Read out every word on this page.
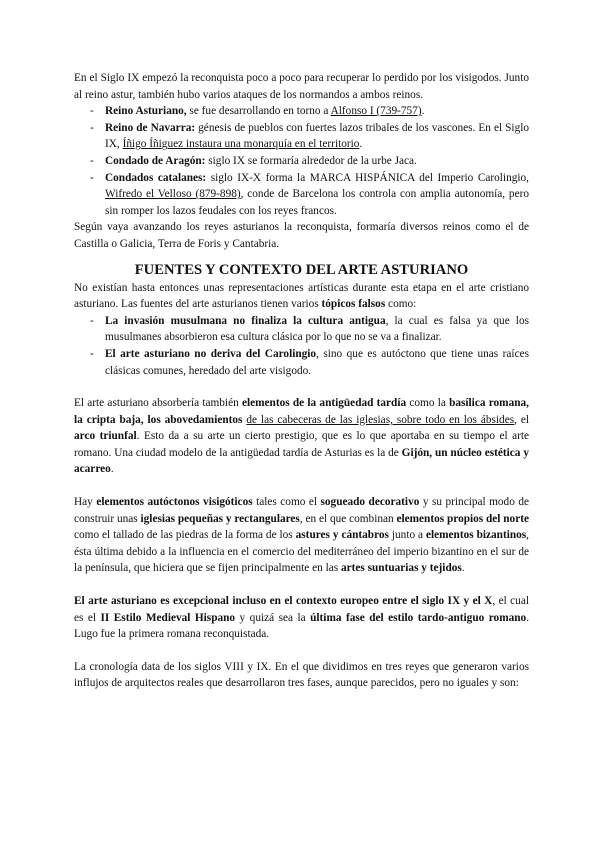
En el Siglo IX empezó la reconquista poco a poco para recuperar lo perdido por los visigodos. Junto al reino astur, también hubo varios ataques de los normandos a ambos reinos.

- Reino Asturiano, se fue desarrollando en torno a Alfonso I (739-757).
- Reino de Navarra: génesis de pueblos con fuertes lazos tribales de los vascones. En el Siglo IX, Íñigo Íñiguez instaura una monarquía en el territorio.
- Condado de Aragón: siglo IX se formaría alrededor de la urbe Jaca.
- Condados catalanes: siglo IX-X forma la MARCA HISPÁNICA del Imperio Carolingio, Wifredo el Velloso (879-898), conde de Barcelona los controla con amplia autonomía, pero sin romper los lazos feudales con los reyes francos.

Según vaya avanzando los reyes asturianos la reconquista, formaría diversos reinos como el de Castilla o Galicia, Terra de Foris y Cantabria.

FUENTES Y CONTEXTO DEL ARTE ASTURIANO

No existían hasta entonces unas representaciones artísticas durante esta etapa en el arte cristiano asturiano. Las fuentes del arte asturianos tienen varios tópicos falsos como:

- La invasión musulmana no finaliza la cultura antigua, la cual es falsa ya que los musulmanes absorbieron esa cultura clásica por lo que no se va a finalizar.
- El arte asturiano no deriva del Carolingio, sino que es autóctono que tiene unas raíces clásicas comunes, heredado del arte visigodo.

El arte asturiano absorbería también elementos de la antigüedad tardía como la basílica romana, la cripta baja, los abovedamientos de las cabeceras de las iglesias, sobre todo en los ábsides, el arco triunfal. Esto da a su arte un cierto prestigio, que es lo que aportaba en su tiempo el arte romano. Una ciudad modelo de la antigüedad tardía de Asturias es la de Gijón, un núcleo estética y acarreo.

Hay elementos autóctonos visigóticos tales como el sogueado decorativo y su principal modo de construir unas iglesias pequeñas y rectangulares, en el que combinan elementos propios del norte como el tallado de las piedras de la forma de los astures y cántabros junto a elementos bizantinos, ésta última debido a la influencia en el comercio del mediterráneo del imperio bizantino en el sur de la península, que hiciera que se fijen principalmente en las artes suntuarias y tejidos.

El arte asturiano es excepcional incluso en el contexto europeo entre el siglo IX y el X, el cual es el II Estilo Medieval Hispano y quizá sea la última fase del estilo tardo-antiguo romano. Lugo fue la primera romana reconquistada.

La cronología data de los siglos VIII y IX. En el que dividimos en tres reyes que generaron varios influjos de arquitectos reales que desarrollaron tres fases, aunque parecidos, pero no iguales y son:
